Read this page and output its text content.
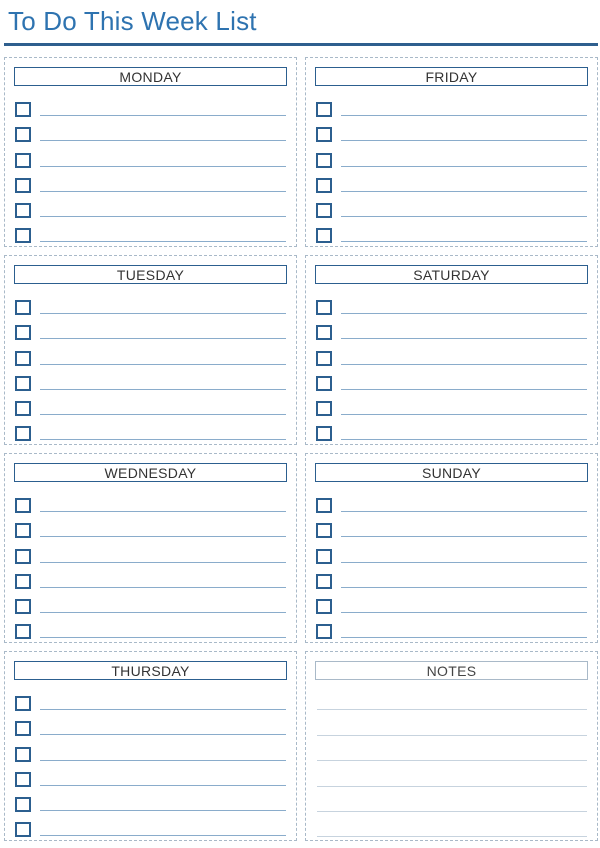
To Do This Week List
MONDAY	FRIDAY
TUESDAY	SATURDAY
WEDNESDAY	SUNDAY
THURSDAY	NOTES
